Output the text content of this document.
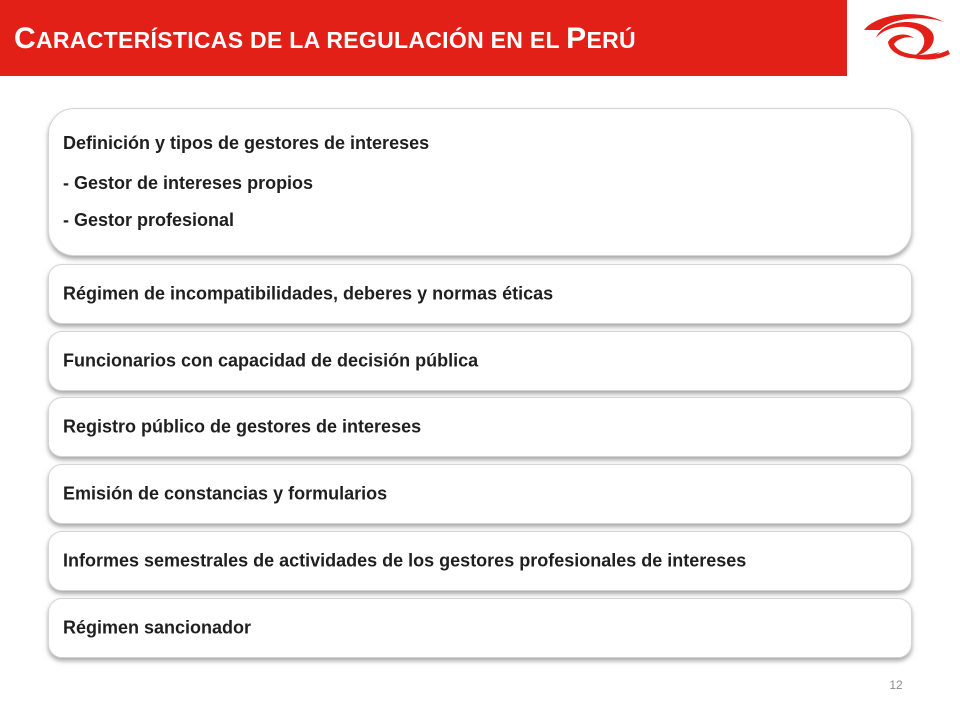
CARACTERÍSTICAS DE LA REGULACIÓN EN EL PERÚ
Definición y tipos de gestores de intereses
- Gestor de intereses propios
- Gestor profesional
Régimen de incompatibilidades, deberes y normas éticas
Funcionarios con capacidad de decisión pública
Registro público de gestores de intereses
Emisión de constancias y formularios
Informes semestrales de actividades de los gestores profesionales de intereses
Régimen sancionador
12
